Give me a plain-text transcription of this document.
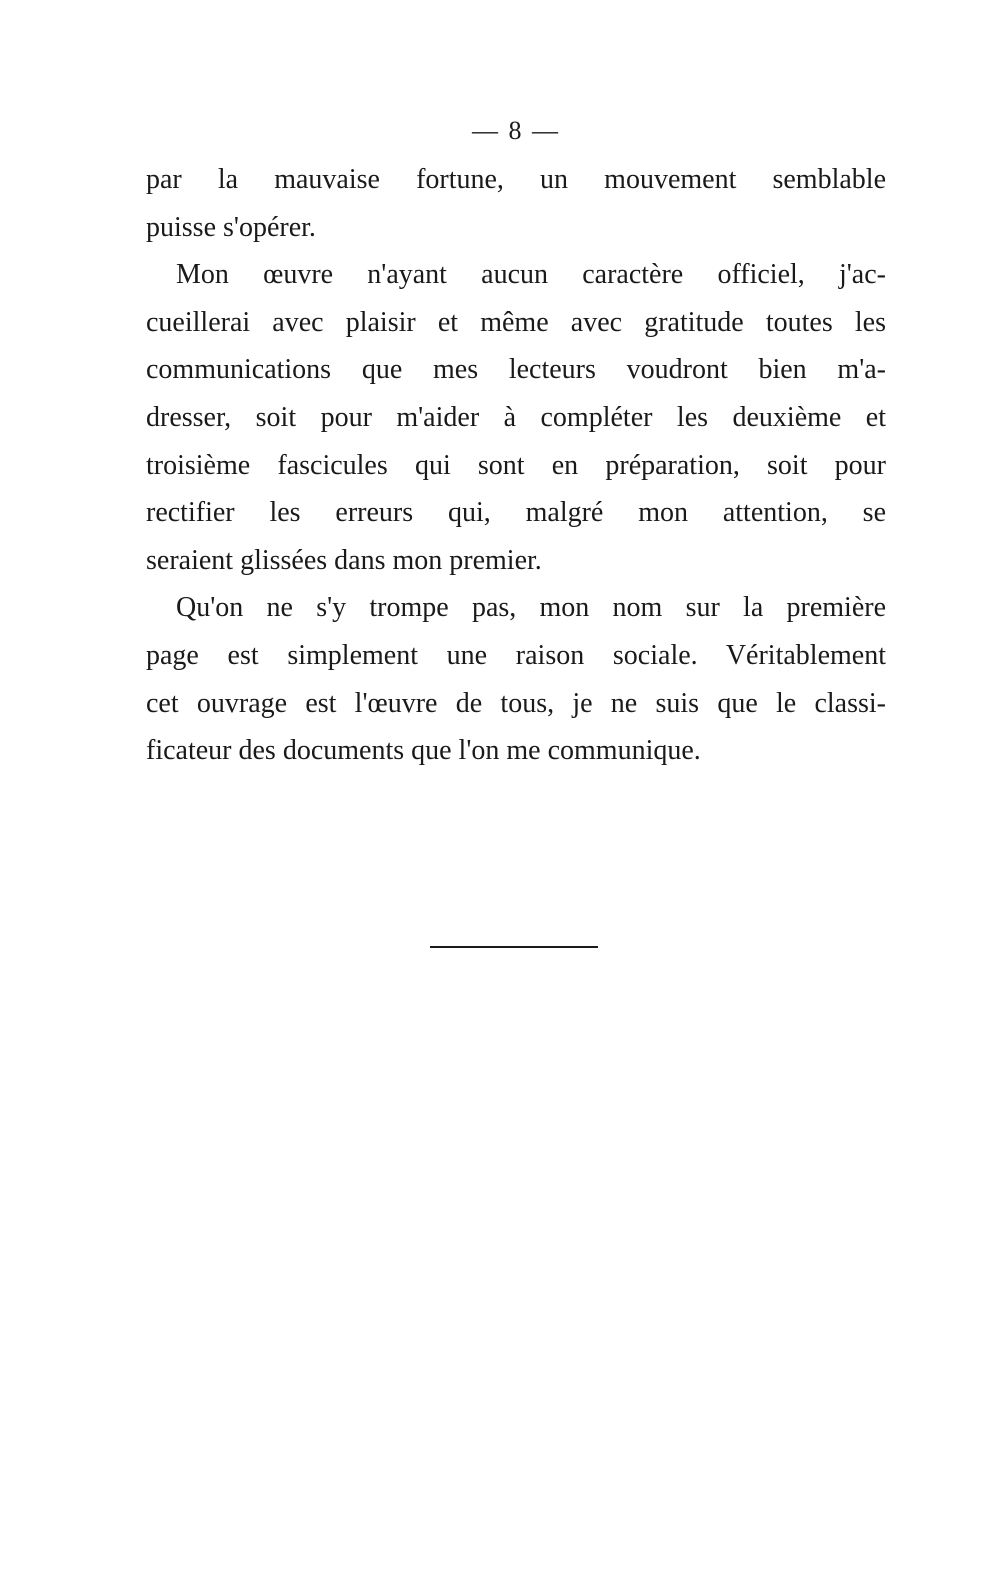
— 8 —
par la mauvaise fortune, un mouvement semblable
puisse s'opérer.
Mon œuvre n'ayant aucun caractère officiel, j'ac-
cueillerai avec plaisir et même avec gratitude toutes les
communications que mes lecteurs voudront bien m'a-
dresser, soit pour m'aider à compléter les deuxième et
troisième fascicules qui sont en préparation, soit pour
rectifier les erreurs qui, malgré mon attention, se
seraient glissées dans mon premier.
Qu'on ne s'y trompe pas, mon nom sur la première
page est simplement une raison sociale. Véritablement
cet ouvrage est l'œuvre de tous, je ne suis que le classi-
ficateur des documents que l'on me communique.
